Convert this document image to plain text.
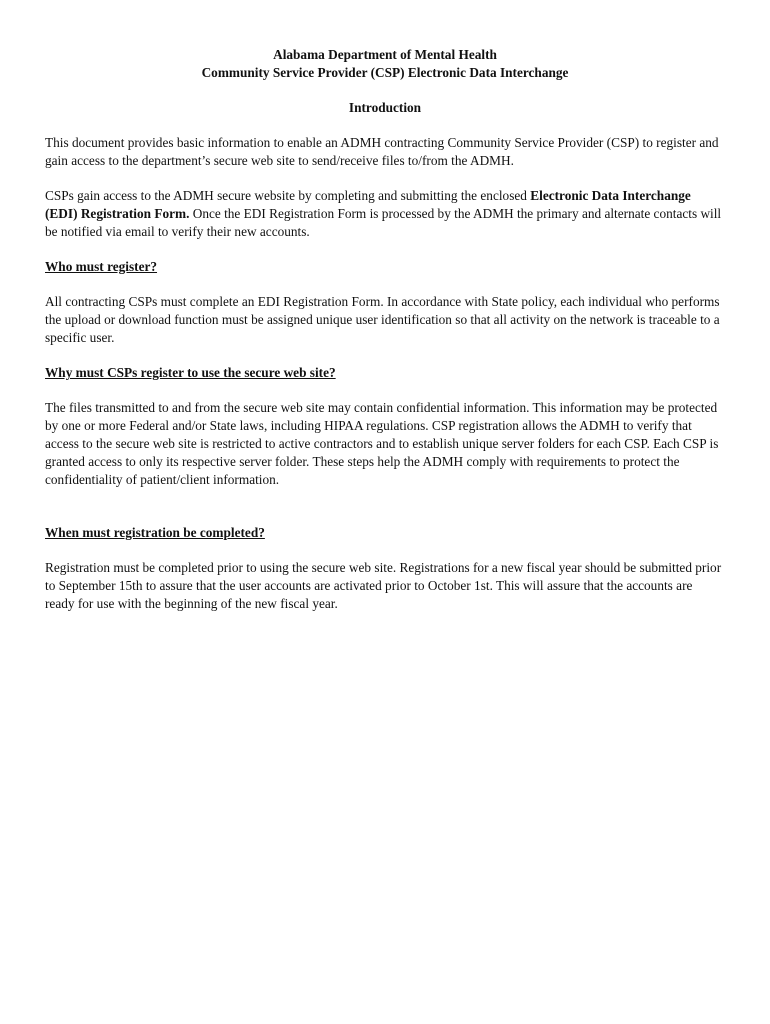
Alabama Department of Mental Health

Community Service Provider (CSP) Electronic Data Interchange

Introduction

This document provides basic information to enable an ADMH contracting Community Service Provider (CSP) to register and gain access to the department’s secure web site to send/receive files to/from the ADMH.

CSPs gain access to the ADMH secure website by completing and submitting the enclosed Electronic Data Interchange (EDI) Registration Form. Once the EDI Registration Form is processed by the ADMH the primary and alternate contacts will be notified via email to verify their new accounts.

Who must register?

All contracting CSPs must complete an EDI Registration Form. In accordance with State policy, each individual who performs the upload or download function must be assigned unique user identification so that all activity on the network is traceable to a specific user.

Why must CSPs register to use the secure web site?

The files transmitted to and from the secure web site may contain confidential information. This information may be protected by one or more Federal and/or State laws, including HIPAA regulations. CSP registration allows the ADMH to verify that access to the secure web site is restricted to active contractors and to establish unique server folders for each CSP. Each CSP is granted access to only its respective server folder. These steps help the ADMH comply with requirements to protect the confidentiality of patient/client information.

When must registration be completed?

Registration must be completed prior to using the secure web site. Registrations for a new fiscal year should be submitted prior to September 15th to assure that the user accounts are activated prior to October 1st. This will assure that the accounts are ready for use with the beginning of the new fiscal year.
